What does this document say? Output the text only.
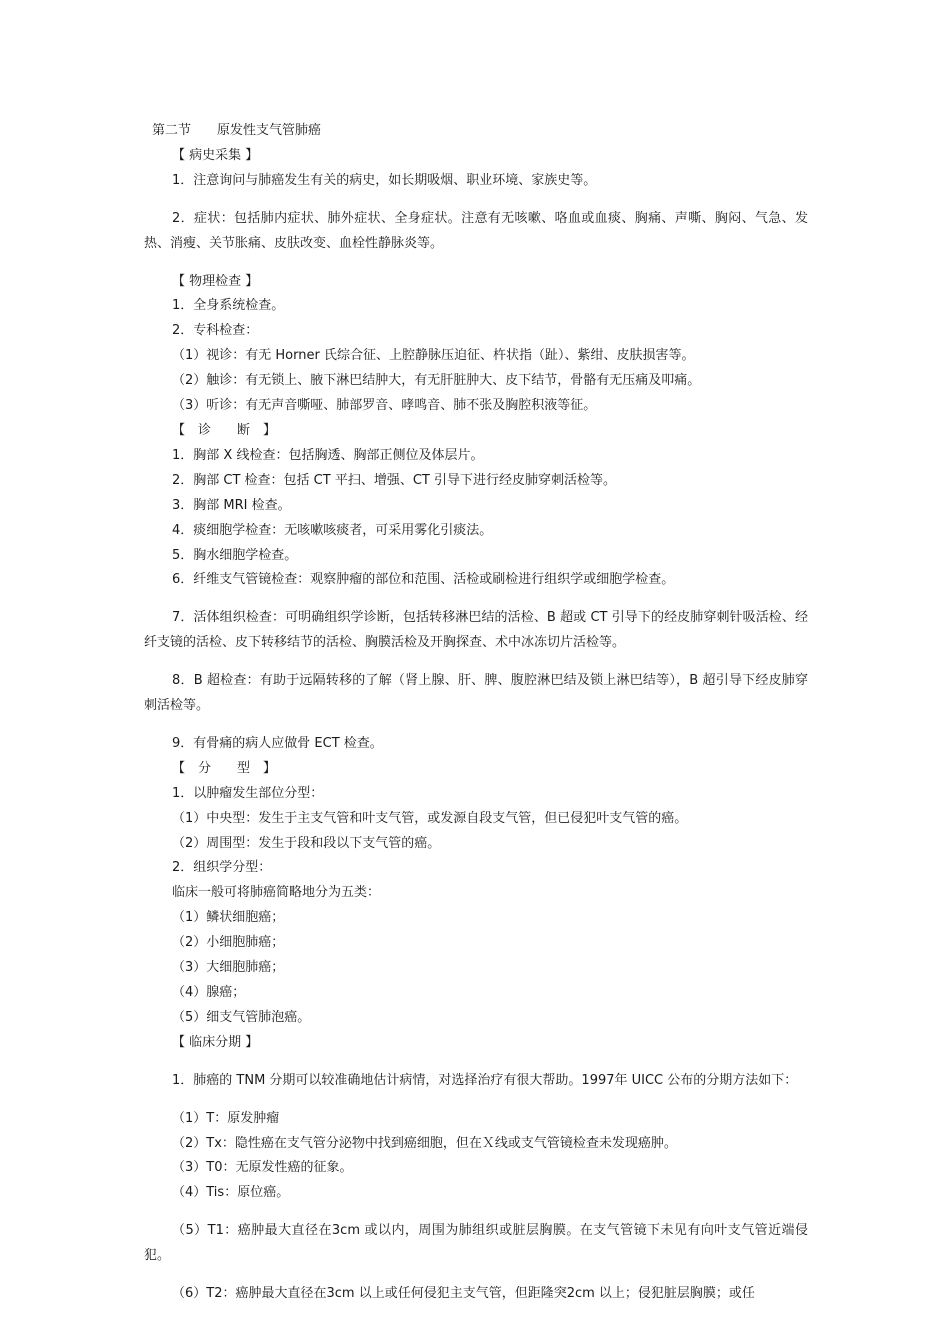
第二节 原发性支气管肺癌

【 病史采集 】

1．注意询问与肺癌发生有关的病史，如长期吸烟、职业环境、家族史等。

2．症状：包括肺内症状、肺外症状、全身症状。注意有无咳嗽、咯血或血痰、胸痛、声嘶、胸闷、气急、发热、消瘦、关节胀痛、皮肤改变、血栓性静脉炎等。

【 物理检查 】

1．全身系统检查。

2．专科检查：

（1）视诊：有无 Horner 氏综合征、上腔静脉压迫征、杵状指（趾）、紫绀、皮肤损害等。

（2）触诊：有无锁上、腋下淋巴结肿大，有无肝脏肿大、皮下结节，骨骼有无压痛及叩痛。

（3）听诊：有无声音嘶哑、肺部罗音、哮鸣音、肺不张及胸腔积液等征。

【　诊　　断　】

1．胸部 X 线检查：包括胸透、胸部正侧位及体层片。

2．胸部 CT 检查：包括 CT 平扫、增强、CT 引导下进行经皮肺穿刺活检等。

3．胸部 MRI 检查。

4．痰细胞学检查：无咳嗽咳痰者，可采用雾化引痰法。

5．胸水细胞学检查。

6．纤维支气管镜检查：观察肿瘤的部位和范围、活检或刷检进行组织学或细胞学检查。

7．活体组织检查：可明确组织学诊断，包括转移淋巴结的活检、B 超或 CT 引导下的经皮肺穿刺针吸活检、经纤支镜的活检、皮下转移结节的活检、胸膜活检及开胸探查、术中冰冻切片活检等。

8．B 超检查：有助于远隔转移的了解（肾上腺、肝、脾、腹腔淋巴结及锁上淋巴结等），B 超引导下经皮肺穿刺活检等。

9．有骨痛的病人应做骨 ECT 检查。

【　分　　型　】

1．以肿瘤发生部位分型：

（1）中央型：发生于主支气管和叶支气管，或发源自段支气管，但已侵犯叶支气管的癌。

（2）周围型：发生于段和段以下支气管的癌。

2．组织学分型：

临床一般可将肺癌简略地分为五类：

（1）鳞状细胞癌；

（2）小细胞肺癌；

（3）大细胞肺癌；

（4）腺癌；

（5）细支气管肺泡癌。

【 临床分期 】

1．肺癌的 TNM 分期可以较准确地估计病情，对选择治疗有很大帮助。1997年 UICC 公布的分期方法如下：

（1）T：原发肿瘤

（2）Tx：隐性癌在支气管分泌物中找到癌细胞，但在Ｘ线或支气管镜检查未发现癌肿。

（3）T0：无原发性癌的征象。

（4）Tis：原位癌。

（5）T1：癌肿最大直径在3cm 或以内，周围为肺组织或脏层胸膜。在支气管镜下未见有向叶支气管近端侵犯。

（6）T2：癌肿最大直径在3cm 以上或任何侵犯主支气管，但距隆突2cm 以上；侵犯脏层胸膜；或任
